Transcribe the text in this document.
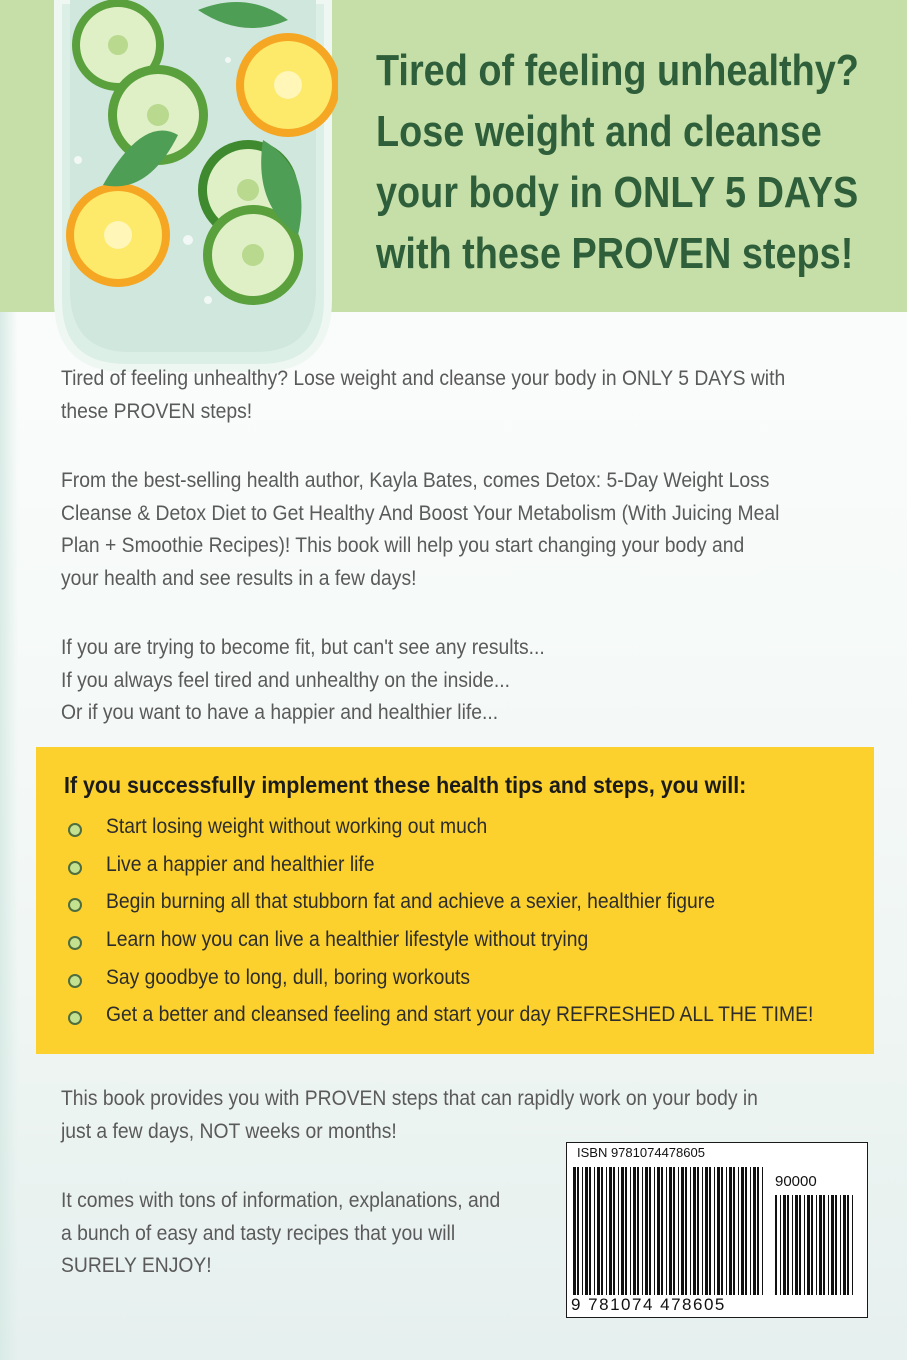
Tired of feeling unhealthy?
Lose weight and cleanse
your body in ONLY 5 DAYS
with these PROVEN steps!
Tired of feeling unhealthy? Lose weight and cleanse your body in ONLY 5 DAYS with
these PROVEN steps!
From the best-selling health author, Kayla Bates, comes Detox: 5-Day Weight Loss
Cleanse & Detox Diet to Get Healthy And Boost Your Metabolism (With Juicing Meal
Plan + Smoothie Recipes)! This book will help you start changing your body and
your health and see results in a few days!
If you are trying to become fit, but can't see any results...
If you always feel tired and unhealthy on the inside...
Or if you want to have a happier and healthier life...
If you successfully implement these health tips and steps, you will:
Start losing weight without working out much
Live a happier and healthier life
Begin burning all that stubborn fat and achieve a sexier, healthier figure
Learn how you can live a healthier lifestyle without trying
Say goodbye to long, dull, boring workouts
Get a better and cleansed feeling and start your day REFRESHED ALL THE TIME!
This book provides you with PROVEN steps that can rapidly work on your body in
just a few days, NOT weeks or months!
It comes with tons of information, explanations, and
a bunch of easy and tasty recipes that you will
SURELY ENJOY!
ISBN 9781074478605
90000
9 781074 478605
